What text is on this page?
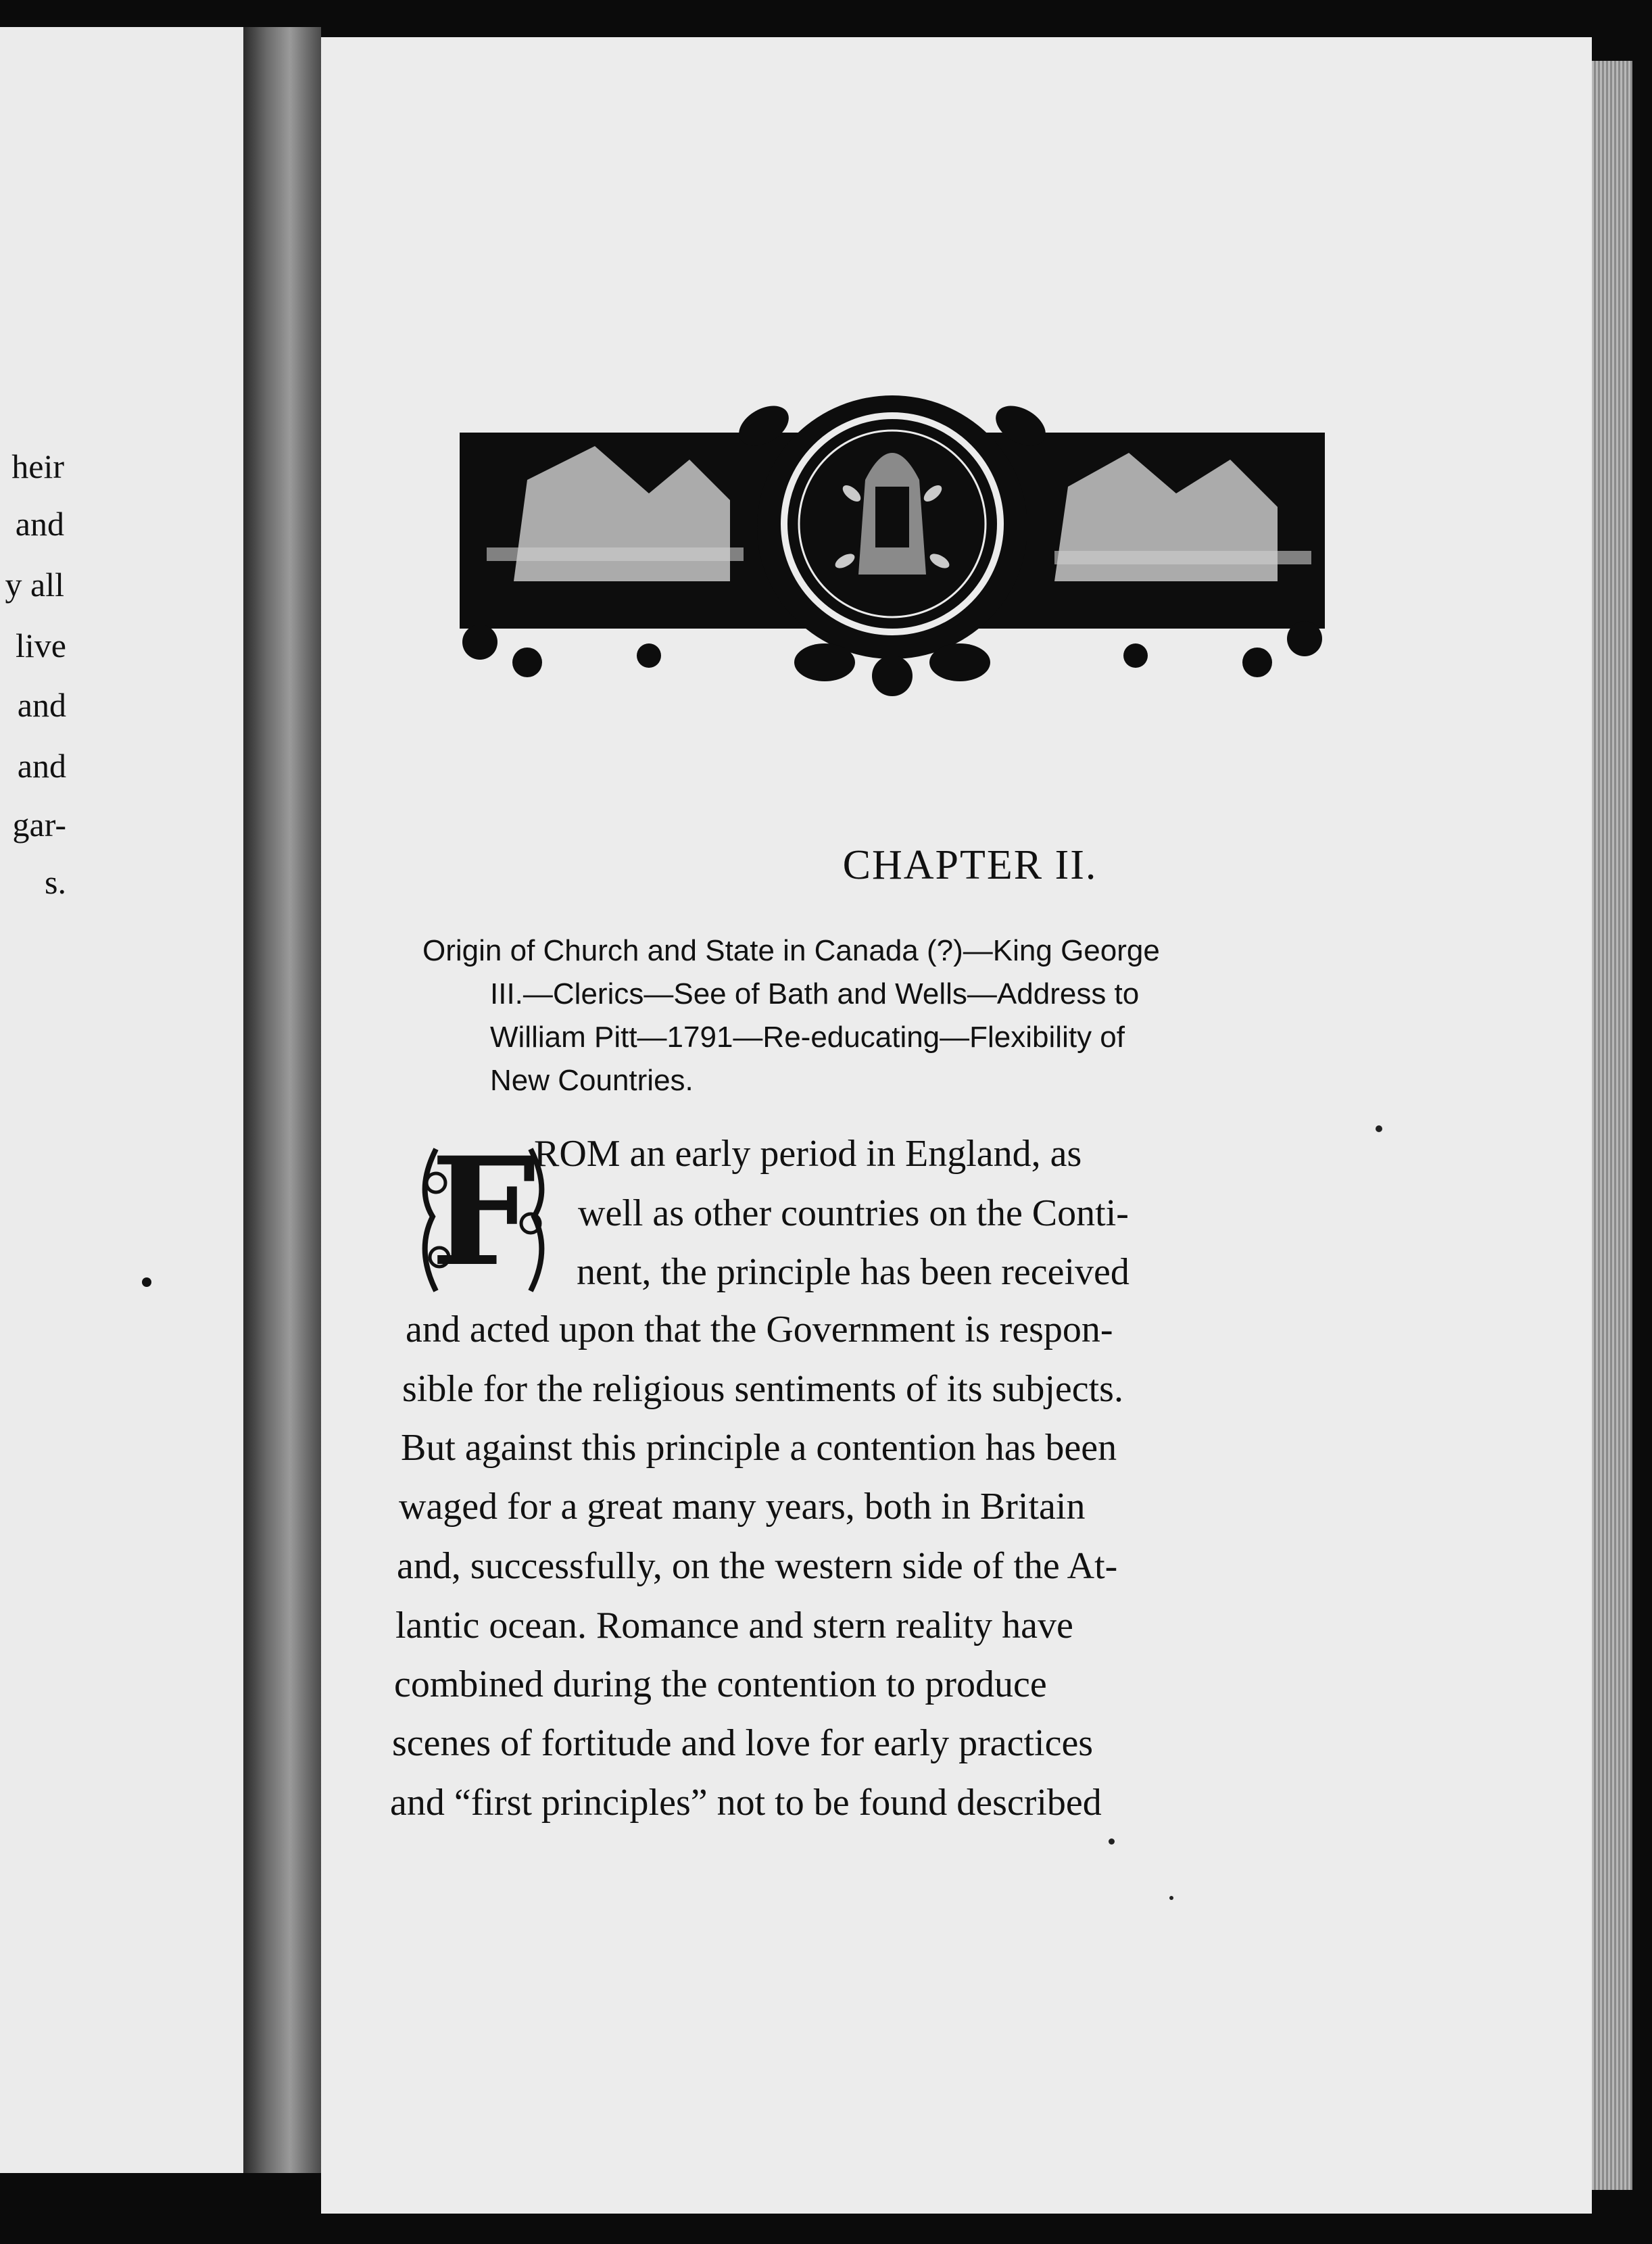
heir
and
y all
live
and
and
gar-
s.	CHAPTER II.
Origin of Church and State in Canada (?)—King George
III.—Clerics—See of Bath and Wells—Address to
William Pitt—1791—Re-educating—Flexibility of
New Countries.
F
ROM an early period in England, as
well as other countries on the Conti-
nent, the principle has been received
and acted upon that the Government is respon-
sible for the religious sentiments of its subjects.
But against this principle a contention has been
waged for a great many years, both in Britain
and, successfully, on the western side of the At-
lantic ocean. Romance and stern reality have
combined during the contention to produce
scenes of fortitude and love for early practices
and “first principles” not to be found described
